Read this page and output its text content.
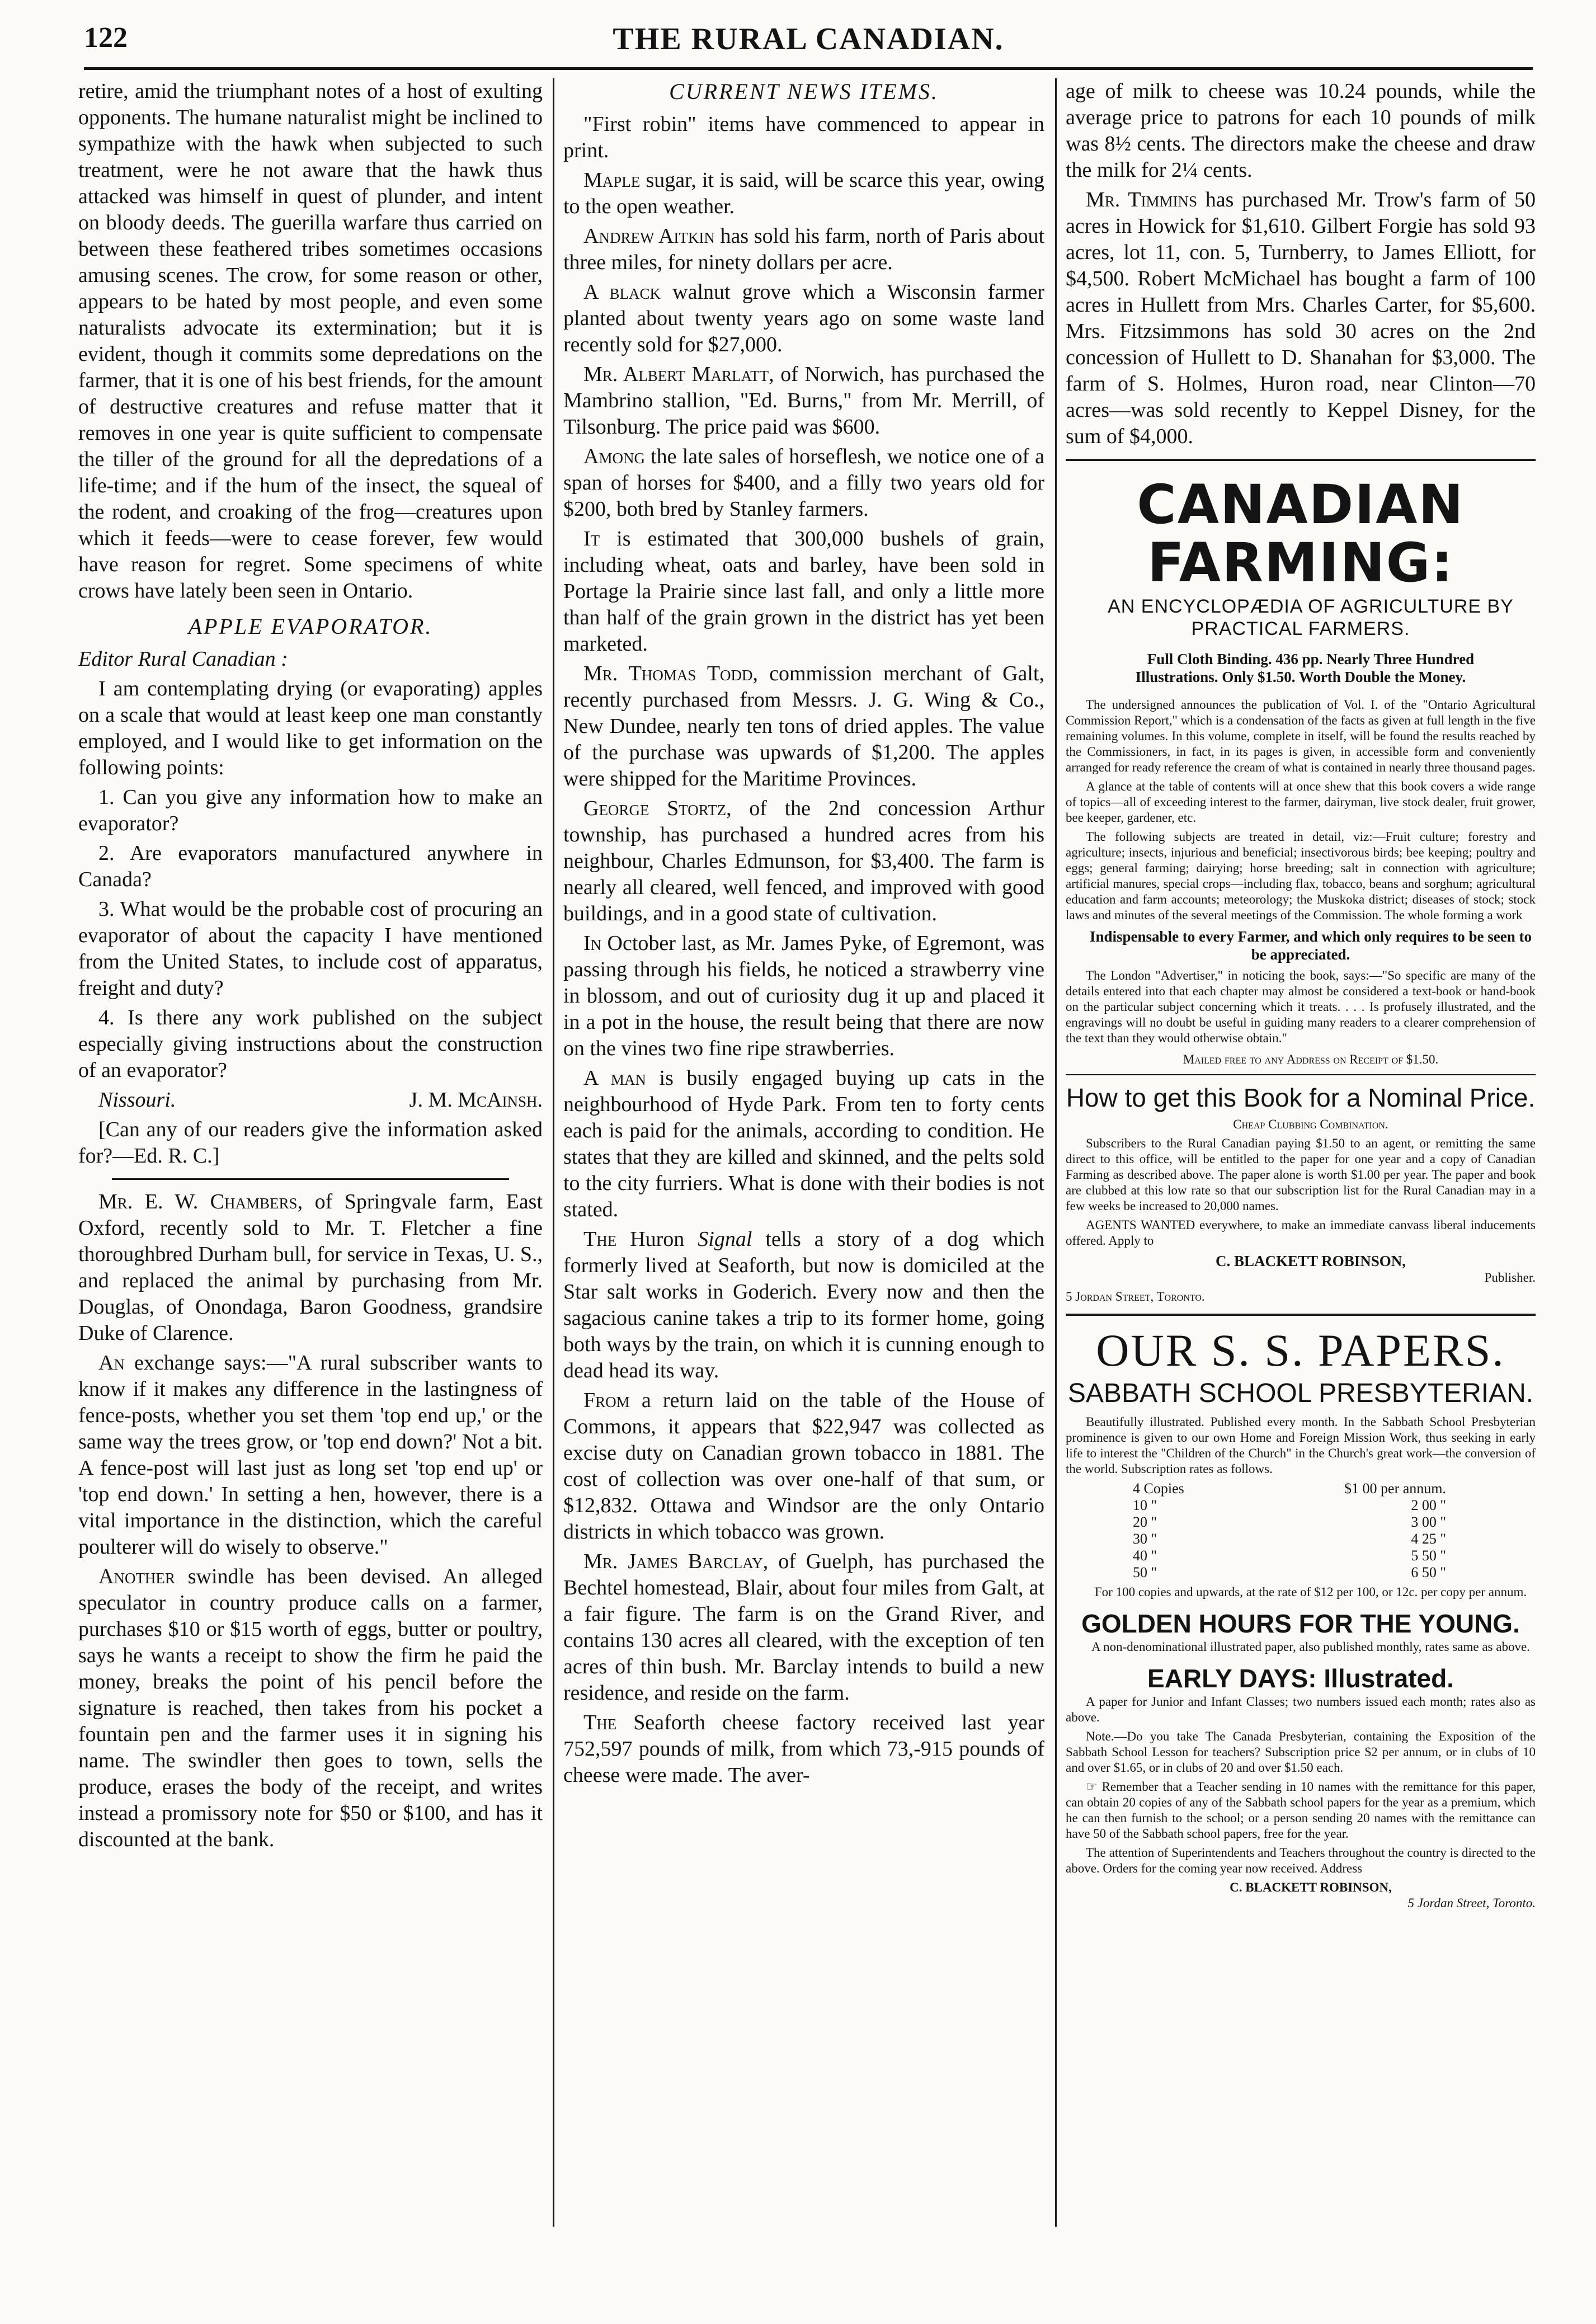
122	THE RURAL CANADIAN.

retire, amid the triumphant notes of a host of exulting opponents. The humane naturalist might be inclined to sympathize with the hawk when subjected to such treatment, were he not aware that the hawk thus attacked was himself in quest of plunder, and intent on bloody deeds. The guerilla warfare thus carried on between these feathered tribes sometimes occasions amusing scenes. The crow, for some reason or other, appears to be hated by most people, and even some naturalists advocate its extermination; but it is evident, though it commits some depredations on the farmer, that it is one of his best friends, for the amount of destructive creatures and refuse matter that it removes in one year is quite sufficient to compensate the tiller of the ground for all the depredations of a life-time; and if the hum of the insect, the squeal of the rodent, and croaking of the frog—creatures upon which it feeds—were to cease forever, few would have reason for regret. Some specimens of white crows have lately been seen in Ontario.

APPLE EVAPORATOR.

Editor Rural Canadian :

I am contemplating drying (or evaporating) apples on a scale that would at least keep one man constantly employed, and I would like to get information on the following points:

1. Can you give any information how to make an evaporator?

2. Are evaporators manufactured anywhere in Canada?

3. What would be the probable cost of procuring an evaporator of about the capacity I have mentioned from the United States, to include cost of apparatus, freight and duty?

4. Is there any work published on the subject especially giving instructions about the construction of an evaporator?

Nissouri.	J. M. McAinsh.

[Can any of our readers give the information asked for?—Ed. R. C.]

Mr. E. W. Chambers, of Springvale farm, East Oxford, recently sold to Mr. T. Fletcher a fine thoroughbred Durham bull, for service in Texas, U. S., and replaced the animal by purchasing from Mr. Douglas, of Onondaga, Baron Goodness, grandsire Duke of Clarence.

An exchange says:—"A rural subscriber wants to know if it makes any difference in the lastingness of fence-posts, whether you set them 'top end up,' or the same way the trees grow, or 'top end down?' Not a bit. A fence-post will last just as long set 'top end up' or 'top end down.' In setting a hen, however, there is a vital importance in the distinction, which the careful poulterer will do wisely to observe."

Another swindle has been devised. An alleged speculator in country produce calls on a farmer, purchases $10 or $15 worth of eggs, butter or poultry, says he wants a receipt to show the firm he paid the money, breaks the point of his pencil before the signature is reached, then takes from his pocket a fountain pen and the farmer uses it in signing his name. The swindler then goes to town, sells the produce, erases the body of the receipt, and writes instead a promissory note for $50 or $100, and has it discounted at the bank.

CURRENT NEWS ITEMS.

"First robin" items have commenced to appear in print.

Maple sugar, it is said, will be scarce this year, owing to the open weather.

Andrew Aitkin has sold his farm, north of Paris about three miles, for ninety dollars per acre.

A black walnut grove which a Wisconsin farmer planted about twenty years ago on some waste land recently sold for $27,000.

Mr. Albert Marlatt, of Norwich, has purchased the Mambrino stallion, "Ed. Burns," from Mr. Merrill, of Tilsonburg. The price paid was $600.

Among the late sales of horseflesh, we notice one of a span of horses for $400, and a filly two years old for $200, both bred by Stanley farmers.

It is estimated that 300,000 bushels of grain, including wheat, oats and barley, have been sold in Portage la Prairie since last fall, and only a little more than half of the grain grown in the district has yet been marketed.

Mr. Thomas Todd, commission merchant of Galt, recently purchased from Messrs. J. G. Wing & Co., New Dundee, nearly ten tons of dried apples. The value of the purchase was upwards of $1,200. The apples were shipped for the Maritime Provinces.

George Stortz, of the 2nd concession Arthur township, has purchased a hundred acres from his neighbour, Charles Edmunson, for $3,400. The farm is nearly all cleared, well fenced, and improved with good buildings, and in a good state of cultivation.

In October last, as Mr. James Pyke, of Egremont, was passing through his fields, he noticed a strawberry vine in blossom, and out of curiosity dug it up and placed it in a pot in the house, the result being that there are now on the vines two fine ripe strawberries.

A man is busily engaged buying up cats in the neighbourhood of Hyde Park. From ten to forty cents each is paid for the animals, according to condition. He states that they are killed and skinned, and the pelts sold to the city furriers. What is done with their bodies is not stated.

The Huron Signal tells a story of a dog which formerly lived at Seaforth, but now is domiciled at the Star salt works in Goderich. Every now and then the sagacious canine takes a trip to its former home, going both ways by the train, on which it is cunning enough to dead head its way.

From a return laid on the table of the House of Commons, it appears that $22,947 was collected as excise duty on Canadian grown tobacco in 1881. The cost of collection was over one-half of that sum, or $12,832. Ottawa and Windsor are the only Ontario districts in which tobacco was grown.

Mr. James Barclay, of Guelph, has purchased the Bechtel homestead, Blair, about four miles from Galt, at a fair figure. The farm is on the Grand River, and contains 130 acres all cleared, with the exception of ten acres of thin bush. Mr. Barclay intends to build a new residence, and reside on the farm.

The Seaforth cheese factory received last year 752,597 pounds of milk, from which 73,-915 pounds of cheese were made. The aver-

age of milk to cheese was 10.24 pounds, while the average price to patrons for each 10 pounds of milk was 8½ cents. The directors make the cheese and draw the milk for 2¼ cents.

Mr. Timmins has purchased Mr. Trow's farm of 50 acres in Howick for $1,610. Gilbert Forgie has sold 93 acres, lot 11, con. 5, Turnberry, to James Elliott, for $4,500. Robert McMichael has bought a farm of 100 acres in Hullett from Mrs. Charles Carter, for $5,600. Mrs. Fitzsimmons has sold 30 acres on the 2nd concession of Hullett to D. Shanahan for $3,000. The farm of S. Holmes, Huron road, near Clinton—70 acres—was sold recently to Keppel Disney, for the sum of $4,000.

CANADIAN FARMING:

AN ENCYCLOPÆDIA OF AGRICULTURE BY PRACTICAL FARMERS.

Full Cloth Binding. 436 pp. Nearly Three Hundred Illustrations. Only $1.50. Worth Double the Money.

The undersigned announces the publication of Vol. I. of the "Ontario Agricultural Commission Report," which is a condensation of the facts as given at full length in the five remaining volumes. In this volume, complete in itself, will be found the results reached by the Commissioners, in fact, in its pages is given, in accessible form and conveniently arranged for ready reference the cream of what is contained in nearly three thousand pages.

A glance at the table of contents will at once shew that this book covers a wide range of topics—all of exceeding interest to the farmer, dairyman, live stock dealer, fruit grower, bee keeper, gardener, etc.

The following subjects are treated in detail, viz:—Fruit culture; forestry and agriculture; insects, injurious and beneficial; insectivorous birds; bee keeping; poultry and eggs; general farming; dairying; horse breeding; salt in connection with agriculture; artificial manures, special crops—including flax, tobacco, beans and sorghum; agricultural education and farm accounts; meteorology; the Muskoka district; diseases of stock; stock laws and minutes of the several meetings of the Commission. The whole forming a work

Indispensable to every Farmer, and which only requires to be seen to be appreciated.

The London "Advertiser," in noticing the book, says:—"So specific are many of the details entered into that each chapter may almost be considered a text-book or hand-book on the particular subject concerning which it treats. . . . Is profusely illustrated, and the engravings will no doubt be useful in guiding many readers to a clearer comprehension of the text than they would otherwise obtain."

Mailed free to any Address on Receipt of $1.50.

How to get this Book for a Nominal Price.

Cheap Clubbing Combination.

Subscribers to the Rural Canadian paying $1.50 to an agent, or remitting the same direct to this office, will be entitled to the paper for one year and a copy of Canadian Farming as described above. The paper alone is worth $1.00 per year. The paper and book are clubbed at this low rate so that our subscription list for the Rural Canadian may in a few weeks be increased to 20,000 names.

AGENTS WANTED everywhere, to make an immediate canvass liberal inducements offered. Apply to

C. BLACKETT ROBINSON,

Publisher.

5 Jordan Street, Toronto.

OUR S. S. PAPERS.
SABBATH SCHOOL PRESBYTERIAN.

Beautifully illustrated. Published every month. In the Sabbath School Presbyterian prominence is given to our own Home and Foreign Mission Work, thus seeking in early life to interest the "Children of the Church" in the Church's great work—the conversion of the world. Subscription rates as follows.

4 Copies	$1 00 per annum.
10 "	2 00 "
20 "	3 00 "
30 "	4 25 "
40 "	5 50 "
50 "	6 50 "

For 100 copies and upwards, at the rate of $12 per 100, or 12c. per copy per annum.

GOLDEN HOURS FOR THE YOUNG.

A non-denominational illustrated paper, also published monthly, rates same as above.

EARLY DAYS: Illustrated.

A paper for Junior and Infant Classes; two numbers issued each month; rates also as above.

Note.—Do you take The Canada Presbyterian, containing the Exposition of the Sabbath School Lesson for teachers? Subscription price $2 per annum, or in clubs of 10 and over $1.65, or in clubs of 20 and over $1.50 each.

☞ Remember that a Teacher sending in 10 names with the remittance for this paper, can obtain 20 copies of any of the Sabbath school papers for the year as a premium, which he can then furnish to the school; or a person sending 20 names with the remittance can have 50 of the Sabbath school papers, free for the year.

The attention of Superintendents and Teachers throughout the country is directed to the above. Orders for the coming year now received. Address

C. BLACKETT ROBINSON,

5 Jordan Street, Toronto.
